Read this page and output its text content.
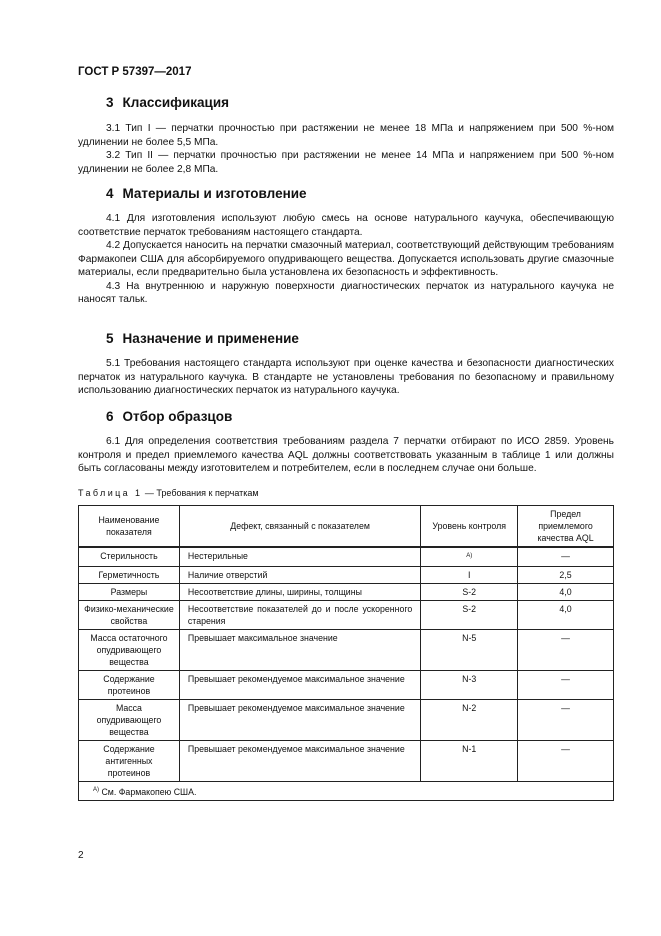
ГОСТ Р 57397—2017
3 Классификация

3.1 Тип I — перчатки прочностью при растяжении не менее 18 МПа и напряжением при 500 %-ном удлинении не более 5,5 МПа.

3.2 Тип II — перчатки прочностью при растяжении не менее 14 МПа и напряжением при 500 %-ном удлинении не более 2,8 МПа.

4 Материалы и изготовление

4.1 Для изготовления используют любую смесь на основе натурального каучука, обеспечивающую соответствие перчаток требованиям настоящего стандарта.

4.2 Допускается наносить на перчатки смазочный материал, соответствующий действующим требованиям Фармакопеи США для абсорбируемого опудривающего вещества. Допускается использовать другие смазочные материалы, если предварительно была установлена их безопасность и эффективность.

4.3 На внутреннюю и наружную поверхности диагностических перчаток из натурального каучука не наносят тальк.

5 Назначение и применение

5.1 Требования настоящего стандарта используют при оценке качества и безопасности диагностических перчаток из натурального каучука. В стандарте не установлены требования по безопасному и правильному использованию диагностических перчаток из натурального каучука.

6 Отбор образцов

6.1 Для определения соответствия требованиям раздела 7 перчатки отбирают по ИСО 2859. Уровень контроля и предел приемлемого качества AQL должны соответствовать указанным в таблице 1 или должны быть согласованы между изготовителем и потребителем, если в последнем случае они больше.

Таблица 1 — Требования к перчаткам
Наименование показателя	Дефект, связанный с показателем	Уровень контроля	Предел приемлемого качества AQL
Стерильность	Нестерильные	$^{A)}$	—
Герметичность	Наличие отверстий	I	2,5
Размеры	Несоответствие длины, ширины, толщины	S-2	4,0
Физико-механические свойства	Несоответствие показателей до и после ускоренного старения	S-2	4,0
Масса остаточного опудривающего вещества	Превышает максимальное значение	N-5	—
Содержание протеинов	Превышает рекомендуемое максимальное значение	N-3	—
Масса опудривающего вещества	Превышает рекомендуемое максимальное значение	N-2	—
Содержание антигенных протеинов	Превышает рекомендуемое максимальное значение	N-1	—
$^{A)}$ См. Фармакопею США.			
2
